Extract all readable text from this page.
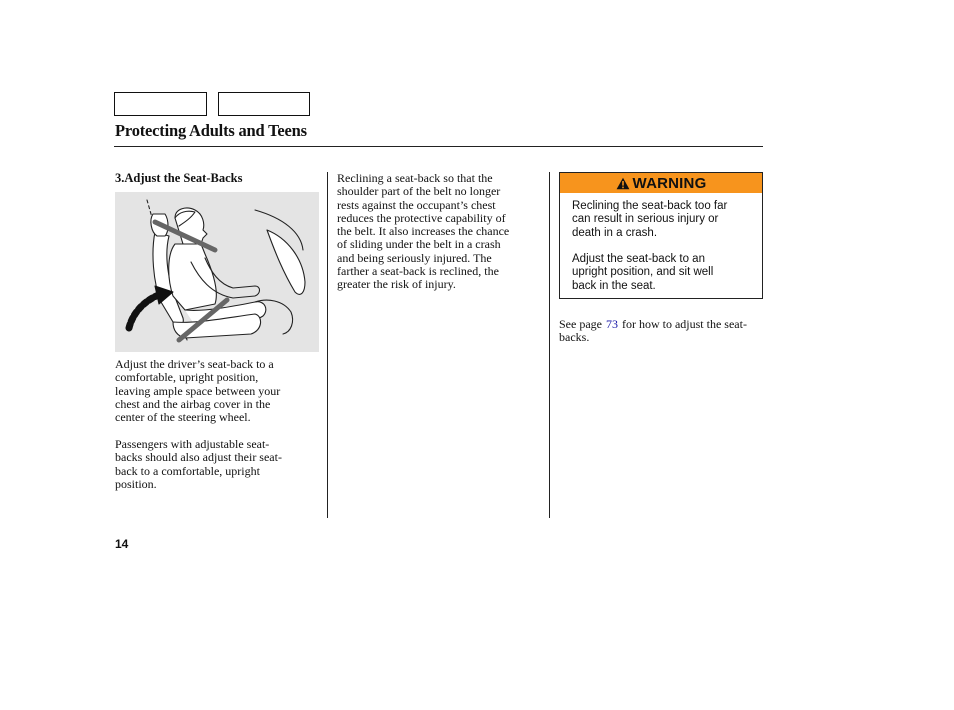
Protecting Adults and Teens
3.Adjust the Seat-Backs
Adjust the driver’s seat-back to a
comfortable, upright position,
leaving ample space between your
chest and the airbag cover in the
center of the steering wheel.
Passengers with adjustable seat-
backs should also adjust their seat-
back to a comfortable, upright
position.
Reclining a seat-back so that the
shoulder part of the belt no longer
rests against the occupant’s chest
reduces the protective capability of
the belt. It also increases the chance
of sliding under the belt in a crash
and being seriously injured. The
farther a seat-back is reclined, the
greater the risk of injury.
WARNING
Reclining the seat-back too far
can result in serious injury or
death in a crash.
Adjust the seat-back to an
upright position, and sit well
back in the seat.
See page 73 for how to adjust the seat-backs.
14
